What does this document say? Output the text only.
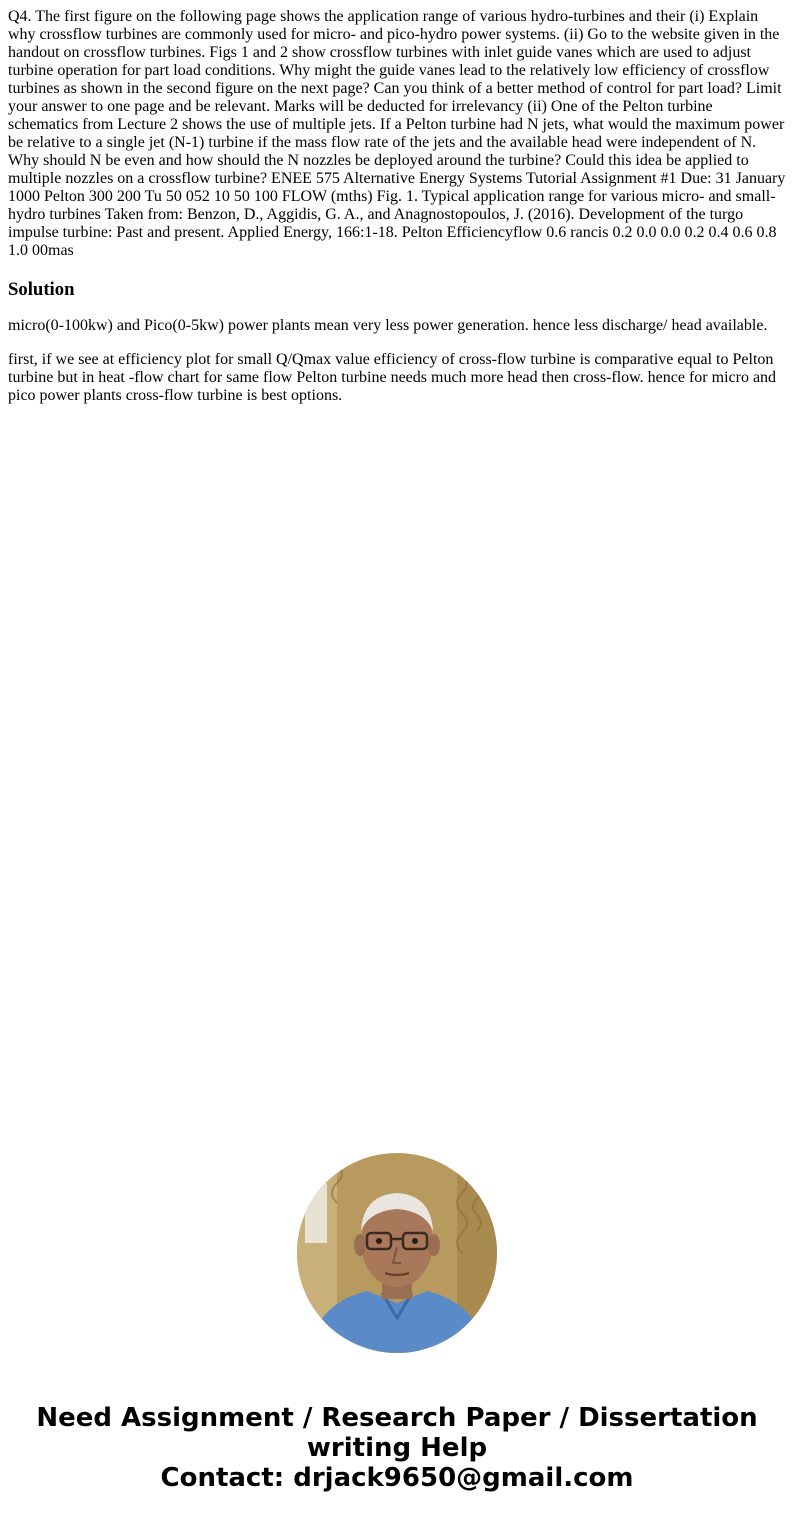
Q4. The first figure on the following page shows the application range of various hydro-turbines and their (i) Explain why crossflow turbines are commonly used for micro- and pico-hydro power systems. (ii) Go to the website given in the handout on crossflow turbines. Figs 1 and 2 show crossflow turbines with inlet guide vanes which are used to adjust turbine operation for part load conditions. Why might the guide vanes lead to the relatively low efficiency of crossflow turbines as shown in the second figure on the next page? Can you think of a better method of control for part load? Limit your answer to one page and be relevant. Marks will be deducted for irrelevancy (ii) One of the Pelton turbine schematics from Lecture 2 shows the use of multiple jets. If a Pelton turbine had N jets, what would the maximum power be relative to a single jet (N-1) turbine if the mass flow rate of the jets and the available head were independent of N. Why should N be even and how should the N nozzles be deployed around the turbine? Could this idea be applied to multiple nozzles on a crossflow turbine? ENEE 575 Alternative Energy Systems Tutorial Assignment #1 Due: 31 January 1000 Pelton 300 200 Tu 50 052 10 50 100 FLOW (mths) Fig. 1. Typical application range for various micro- and small-hydro turbines Taken from: Benzon, D., Aggidis, G. A., and Anagnostopoulos, J. (2016). Development of the turgo impulse turbine: Past and present. Applied Energy, 166:1-18. Pelton Efficiencyflow 0.6 rancis 0.2 0.0 0.0 0.2 0.4 0.6 0.8 1.0 00mas

Solution

micro(0-100kw) and Pico(0-5kw) power plants mean very less power generation. hence less discharge/ head available.

first, if we see at efficiency plot for small Q/Qmax value efficiency of cross-flow turbine is comparative equal to Pelton turbine but in heat -flow chart for same flow Pelton turbine needs much more head then cross-flow. hence for micro and pico power plants cross-flow turbine is best options.

Need Assignment / Research Paper / Dissertation
writing Help
Contact: drjack9650@gmail.com
